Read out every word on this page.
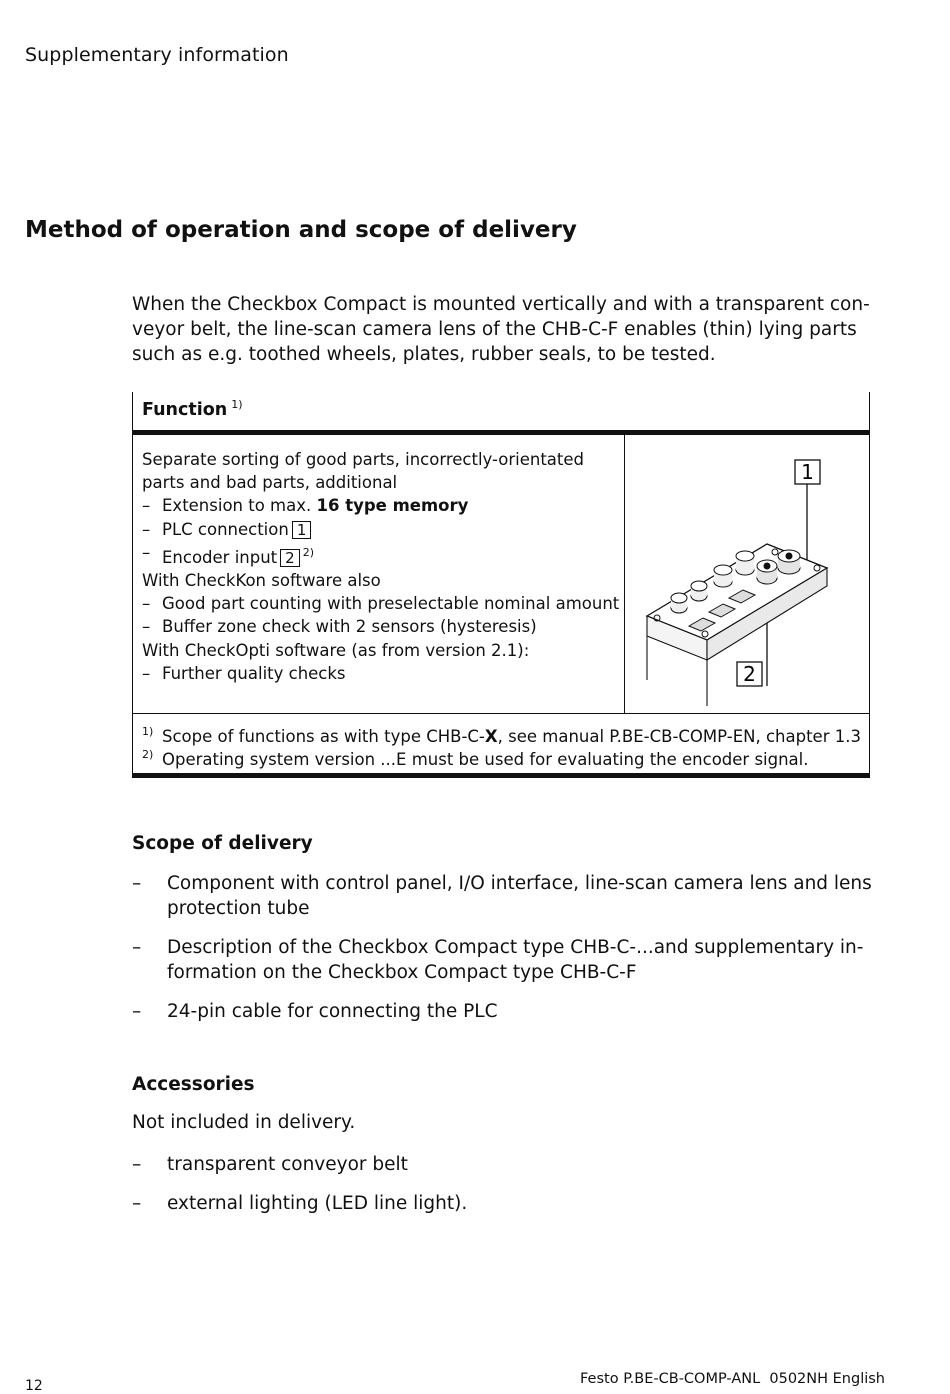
Supplementary information
Method of operation and scope of delivery

When the Checkbox Compact is mounted vertically and with a transparent conveyor belt, the line-scan camera lens of the CHB-C-F enables (thin) lying parts such as e.g. toothed wheels, plates, rubber seals, to be tested.

Function $^{1)}$
Separate sorting of good parts, incorrectly-orientated parts and bad parts, additional
– Extension to max. 16 type memory
– PLC connection 1
– Encoder input 2 $^{2)}$
With CheckKon software also
– Good part counting with preselectable nominal amount
– Buffer zone check with 2 sensors (hysteresis)
With CheckOpti software (as from version 2.1):
– Further quality checks
1
2
1) Scope of functions as with type CHB-C-X, see manual P.BE-CB-COMP-EN, chapter 1.3
2) Operating system version ...E must be used for evaluating the encoder signal.
Scope of delivery
– Component with control panel, I/O interface, line-scan camera lens and lens protection tube
– Description of the Checkbox Compact type CHB-C-...and supplementary information on the Checkbox Compact type CHB-C-F
– 24-pin cable for connecting the PLC
Accessories

Not included in delivery.

– transparent conveyor belt
– external lighting (LED line light).
12	Festo P.BE-CB-COMP-ANL  0502NH English
